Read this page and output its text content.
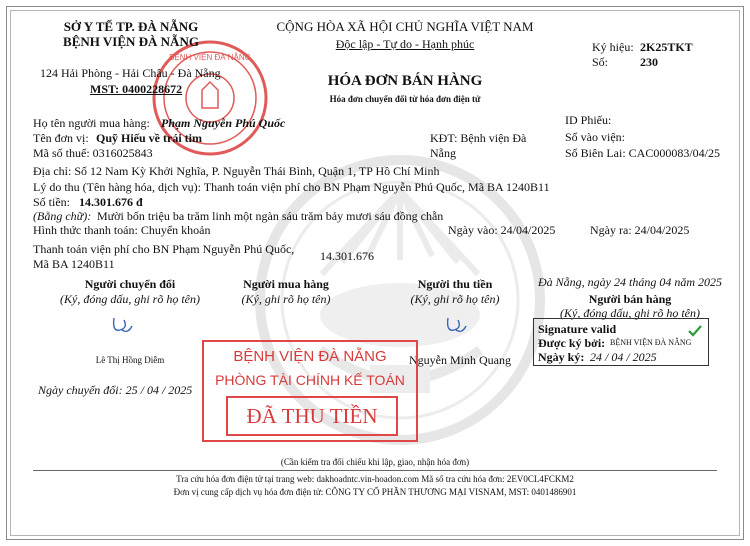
BỆNH VIỆN ĐÀ NẴNG
SỞ Y TẾ TP. ĐÀ NẴNG
BỆNH VIỆN ĐÀ NẴNG
124 Hải Phòng - Hải Châu - Đà Nẵng
MST: 0400228672
CỘNG HÒA XÃ HỘI CHỦ NGHĨA VIỆT NAM
Độc lập - Tự do - Hạnh phúc
HÓA ĐƠN BÁN HÀNG
Hóa đơn chuyển đổi từ hóa đơn điện tử
Ký hiệu: 2K25TKT
Số:	230
Họ tên người mua hàng: Phạm Nguyễn Phú Quốc
Tên đơn vị: Quỹ Hiếu về trái tim
Mã số thuế: 0316025843
KĐT: Bệnh viện Đà
Nẵng
ID Phiếu:
Số vào viện:
Số Biên Lai: CAC000083/04/25
Địa chỉ: Số 12 Nam Kỳ Khởi Nghĩa, P. Nguyễn Thái Bình, Quận 1, TP Hồ Chí Minh
Lý do thu (Tên hàng hóa, dịch vụ): Thanh toán viện phí cho BN Phạm Nguyễn Phú Quốc, Mã BA 1240B11
Số tiền: 14.301.676 đ
(Bằng chữ): Mười bốn triệu ba trăm linh một ngàn sáu trăm bảy mươi sáu đồng chẵn
Hình thức thanh toán: Chuyển khoản	Ngày vào: 24/04/2025	Ngày ra: 24/04/2025
Thanh toán viện phí cho BN Phạm Nguyễn Phú Quốc,
Mã BA 1240B11
14.301.676
Đà Nẵng, ngày 24 tháng 04 năm 2025
Người chuyển đổi
(Ký, đóng dấu, ghi rõ họ tên)
Người mua hàng
(Ký, ghi rõ họ tên)
Người thu tiền
(Ký, ghi rõ họ tên)	Người bán hàng
(Ký, đóng dấu, ghi rõ họ tên)
Lê Thị Hồng Diễm	Nguyễn Minh Quang
Ngày chuyển đổi: 25 / 04 / 2025
Signature valid
Được ký bởi: BỆNH VIỆN ĐÀ NẴNG
Ngày ký: 24 / 04 / 2025
BỆNH VIỆN ĐÀ NẴNG
PHÒNG TÀI CHÍNH KẾ TOÁN
ĐÃ THU TIỀN
(Cần kiểm tra đối chiếu khi lập, giao, nhận hóa đơn)
Tra cứu hóa đơn điện tử tại trang web: dakhoadntc.vin-hoadon.com Mã số tra cứu hóa đơn: 2EV0CL4FCKM2
Đơn vị cung cấp dịch vụ hóa đơn điện tử: CÔNG TY CỔ PHẦN THƯƠNG MẠI VISNAM, MST: 0401486901
